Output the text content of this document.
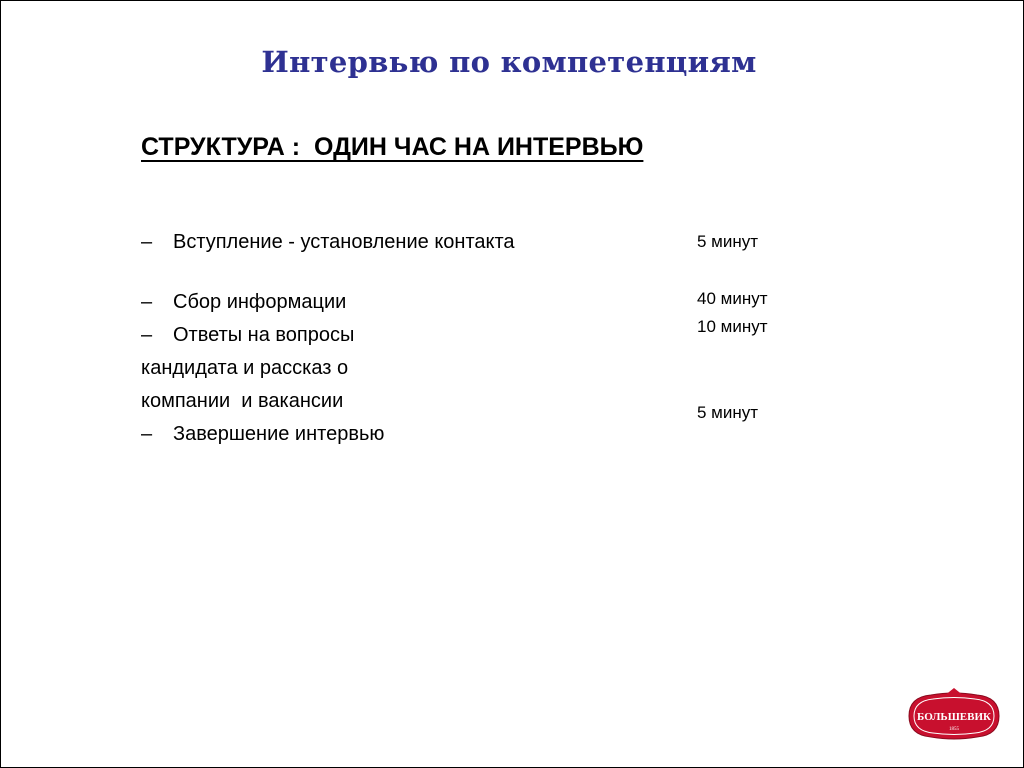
Интервью по компетенциям
СТРУКТУРА :  ОДИН ЧАС НА ИНТЕРВЬЮ
– Вступление - установление контакта
– Сбор информации
– Ответы на вопросы
кандидата и рассказ о
компании  и вакансии
– Завершение интервью
5 минут
40 минут
10 минут
5 минут
БОЛЬШЕВИК
1855
